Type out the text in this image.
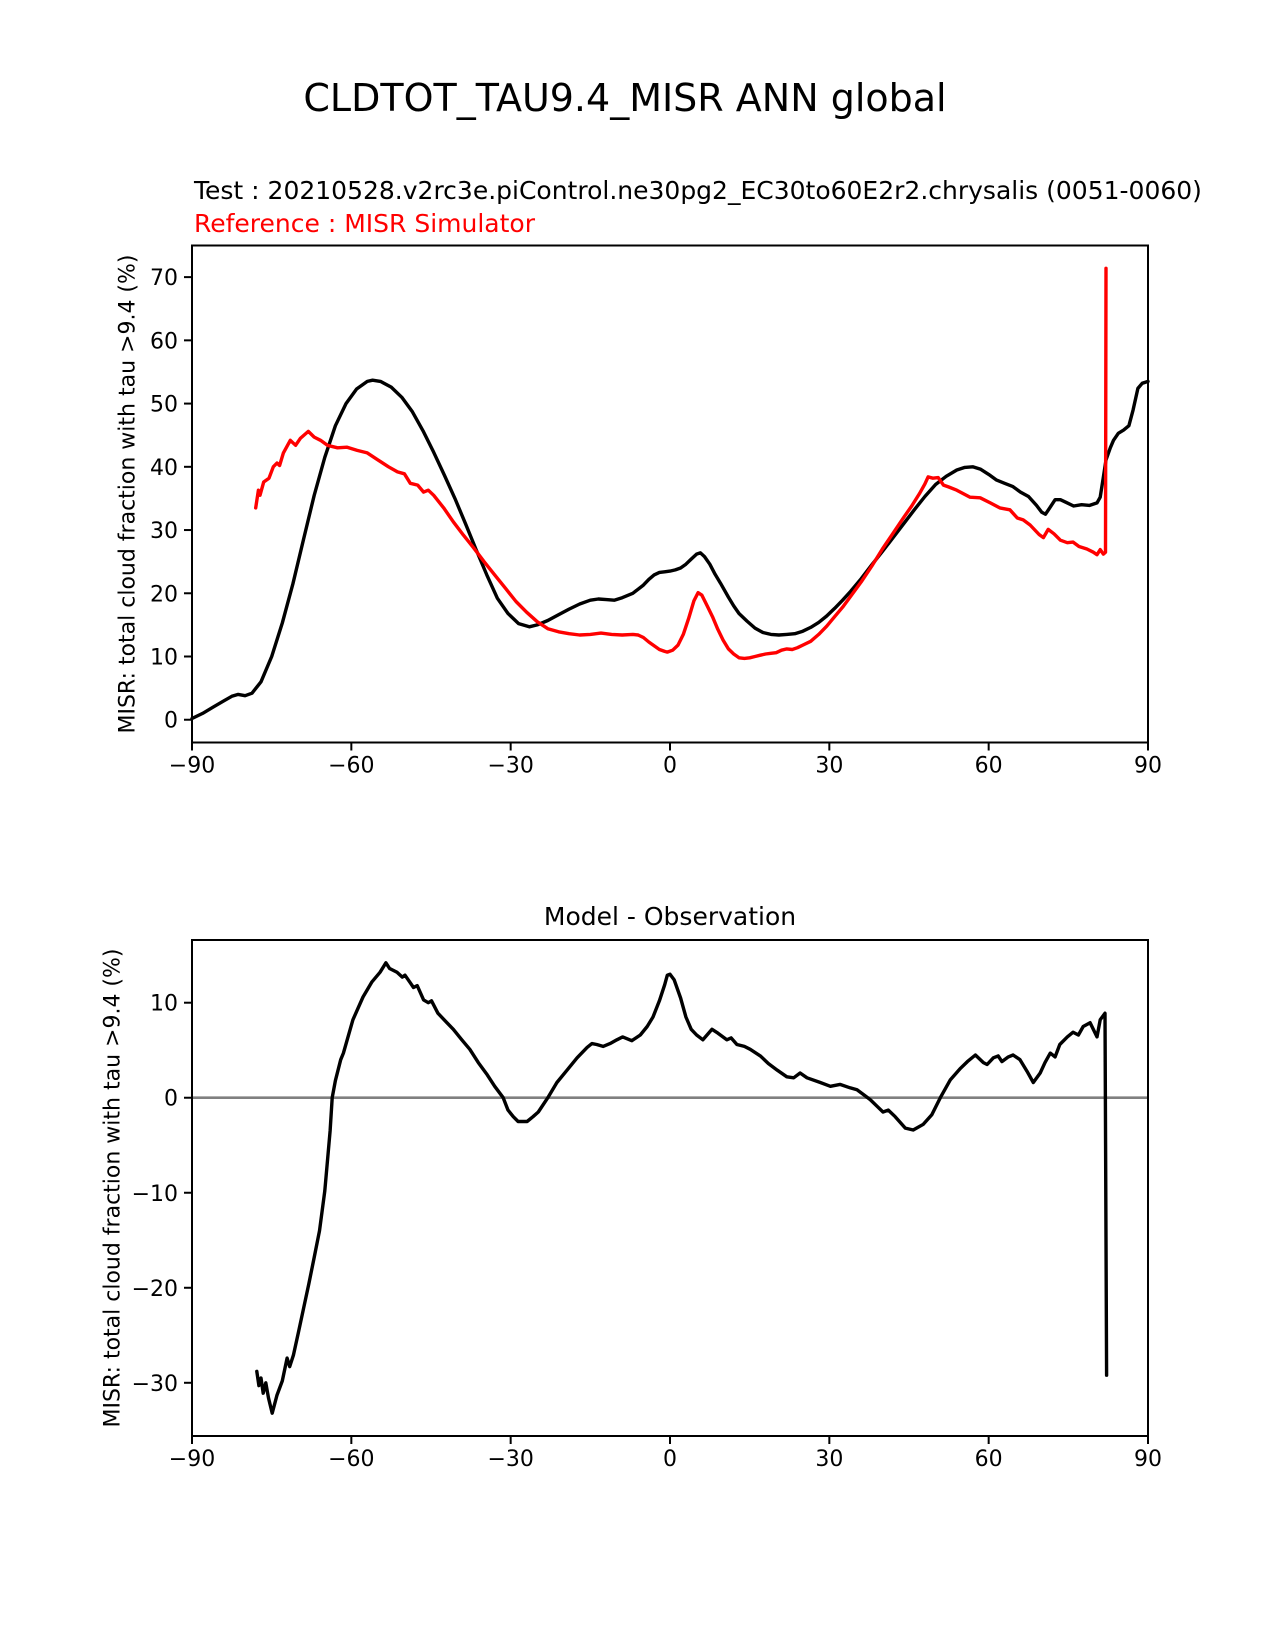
CLDTOT_TAU9.4_MISR ANN global
Test : 20210528.v2rc3e.piControl.ne30pg2_EC30to60E2r2.chrysalis (0051-0060)
Reference : MISR Simulator
MISR: total cloud fraction with tau >9.4 (%)
MISR: total cloud fraction with tau >9.4 (%)
Model - Observation
−90	−60	−30	0	30	60	90
0
10
20
30
40
50
60
70
−90	−60	−30	0	30	60	90
10
0
−10
−20
−30
